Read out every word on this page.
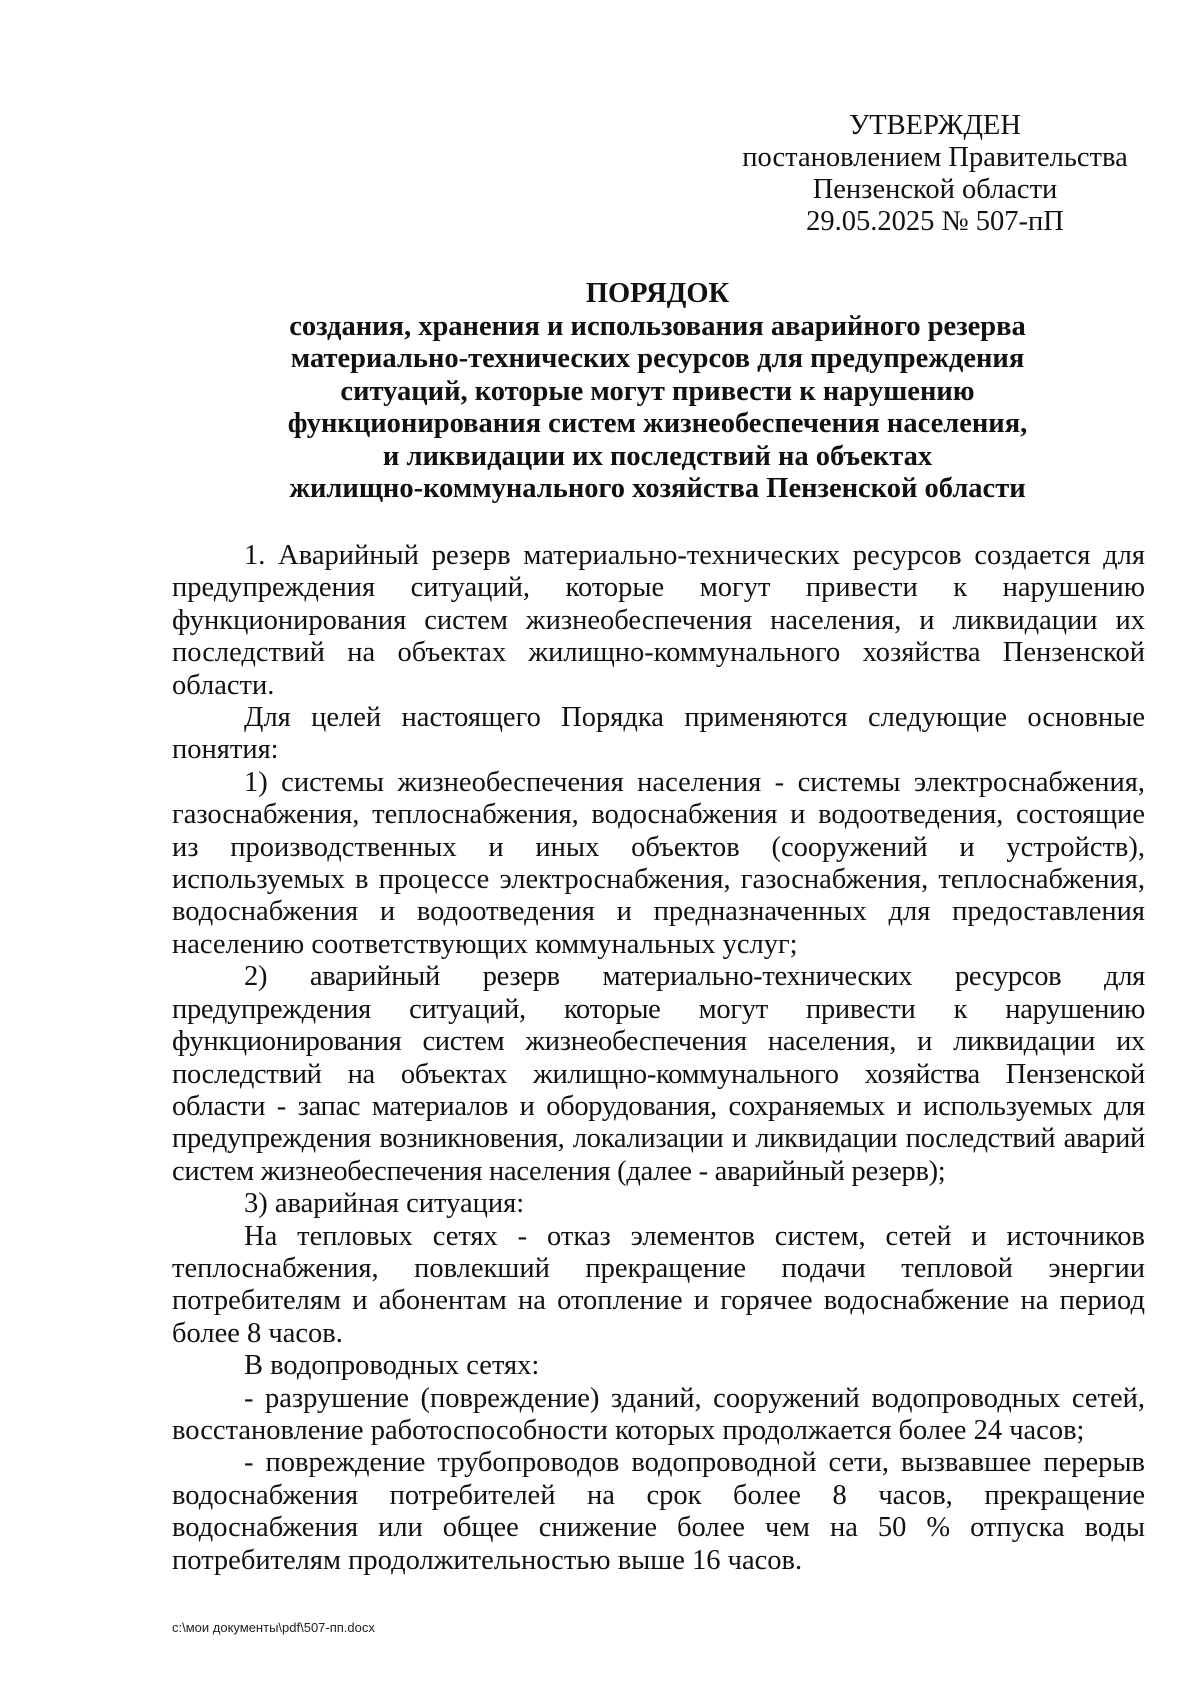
УТВЕРЖДЕН
постановлением Правительства
Пензенской области
29.05.2025 № 507-пП
ПОРЯДОК
создания, хранения и использования аварийного резерва
материально-технических ресурсов для предупреждения
ситуаций, которые могут привести к нарушению
функционирования систем жизнеобеспечения населения,
и ликвидации их последствий на объектах
жилищно-коммунального хозяйства Пензенской области

1. Аварийный резерв материально-технических ресурсов создается для предупреждения ситуаций, которые могут привести к нарушению функционирования систем жизнеобеспечения населения, и ликвидации их последствий на объектах жилищно-коммунального хозяйства Пензенской области.

Для целей настоящего Порядка применяются следующие основные понятия:

1) системы жизнеобеспечения населения - системы электроснабжения, газоснабжения, теплоснабжения, водоснабжения и водоотведения, состоящие из производственных и иных объектов (сооружений и устройств), используемых в процессе электроснабжения, газоснабжения, теплоснабжения, водоснабжения и водоотведения и предназначенных для предоставления населению соответствующих коммунальных услуг;

2) аварийный резерв материально-технических ресурсов для предупреждения ситуаций, которые могут привести к нарушению функционирования систем жизнеобеспечения населения, и ликвидации их последствий на объектах жилищно-коммунального хозяйства Пензенской области - запас материалов и оборудования, сохраняемых и используемых для предупреждения возникновения, локализации и ликвидации последствий аварий систем жизнеобеспечения населения (далее - аварийный резерв);

3) аварийная ситуация:

На тепловых сетях - отказ элементов систем, сетей и источников теплоснабжения, повлекший прекращение подачи тепловой энергии потребителям и абонентам на отопление и горячее водоснабжение на период более 8 часов.

В водопроводных сетях:

- разрушение (повреждение) зданий, сооружений водопроводных сетей, восстановление работоспособности которых продолжается более 24 часов;

- повреждение трубопроводов водопроводной сети, вызвавшее перерыв водоснабжения потребителей на срок более 8 часов, прекращение водоснабжения или общее снижение более чем на 50 % отпуска воды потребителям продолжительностью выше 16 часов.

c:\мои документы\pdf\507-пп.docx
